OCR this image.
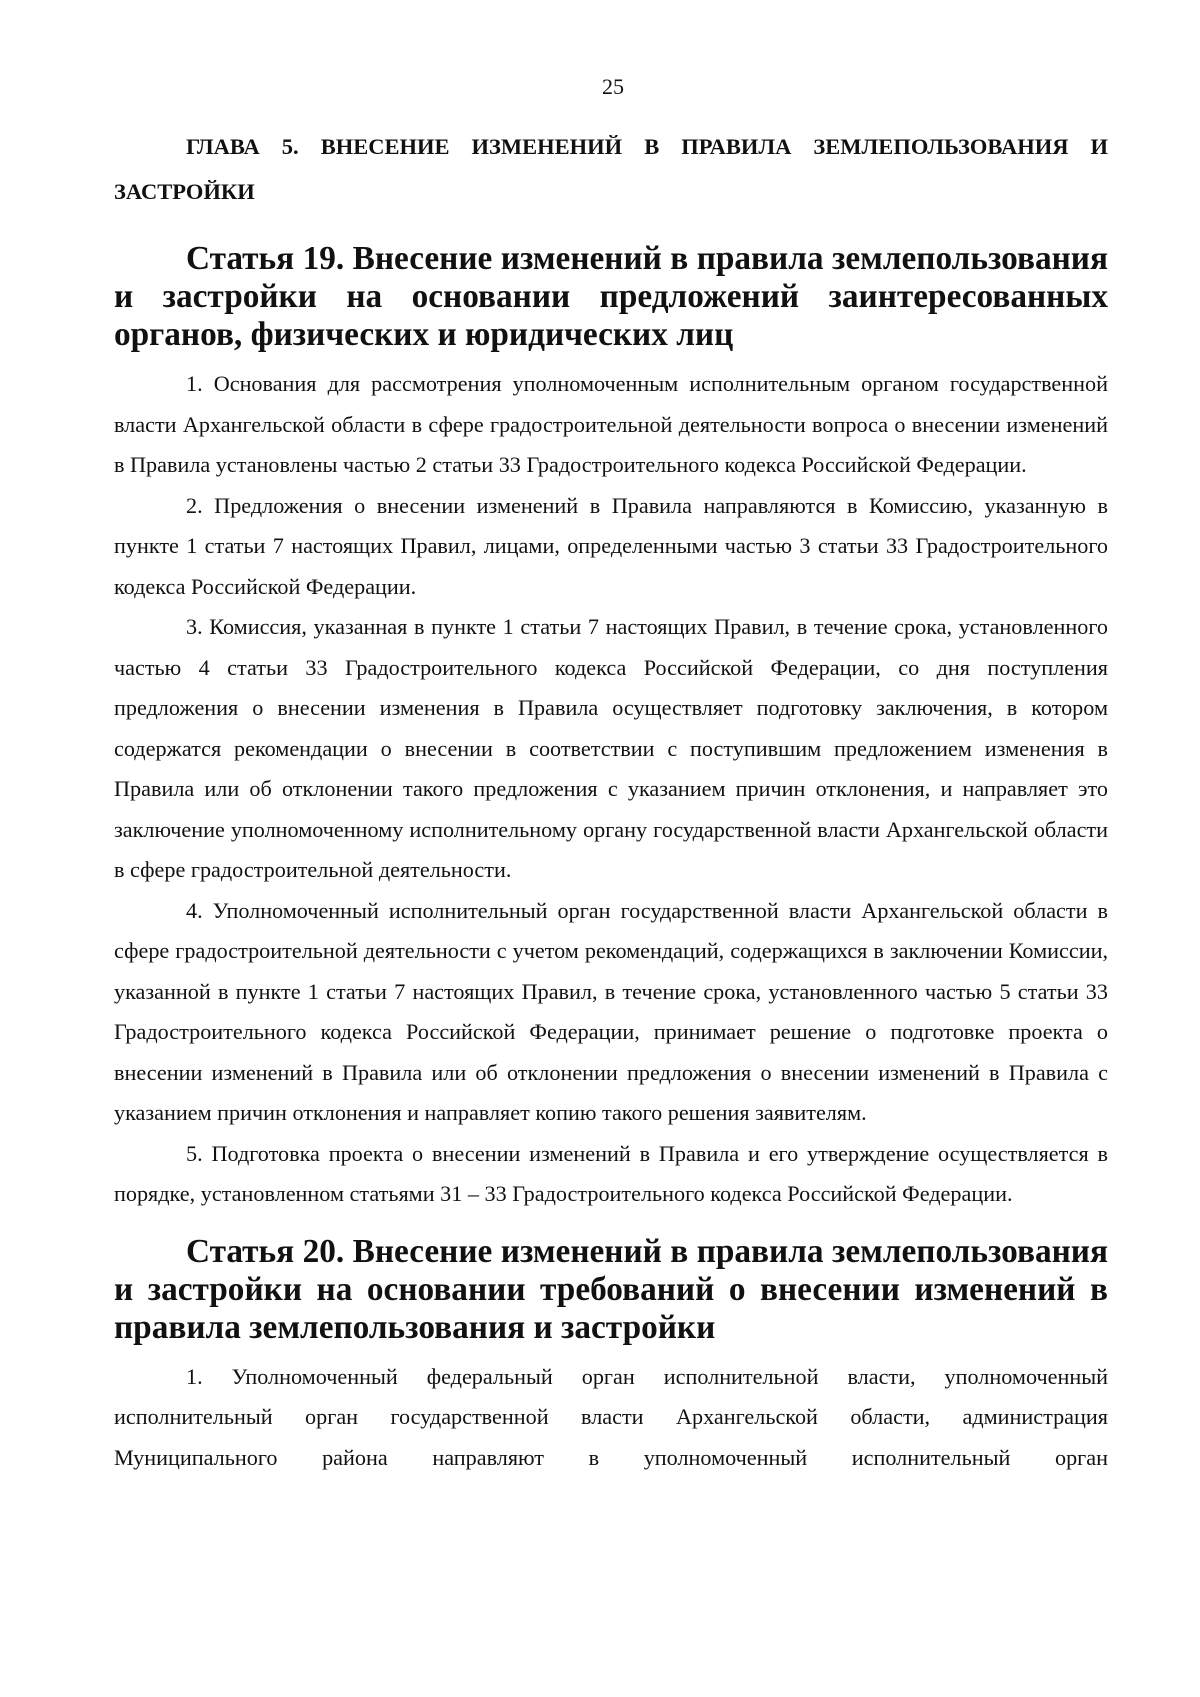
25
ГЛАВА 5. ВНЕСЕНИЕ ИЗМЕНЕНИЙ В ПРАВИЛА ЗЕМЛЕПОЛЬЗОВАНИЯ И ЗАСТРОЙКИ
Статья 19. Внесение изменений в правила землепользования и застройки на основании предложений заинтересованных органов, физических и юридических лиц

1. Основания для рассмотрения уполномоченным исполнительным органом государственной власти Архангельской области в сфере градостроительной деятельности вопроса о внесении изменений в Правила установлены частью 2 статьи 33 Градостроительного кодекса Российской Федерации.

2. Предложения о внесении изменений в Правила направляются в Комиссию, указанную в пункте 1 статьи 7 настоящих Правил, лицами, определенными частью 3 статьи 33 Градостроительного кодекса Российской Федерации.

3. Комиссия, указанная в пункте 1 статьи 7 настоящих Правил, в течение срока, установленного частью 4 статьи 33 Градостроительного кодекса Российской Федерации, со дня поступления предложения о внесении изменения в Правила осуществляет подготовку заключения, в котором содержатся рекомендации о внесении в соответствии с поступившим предложением изменения в Правила или об отклонении такого предложения с указанием причин отклонения, и направляет это заключение уполномоченному исполнительному органу государственной власти Архангельской области в сфере градостроительной деятельности.

4. Уполномоченный исполнительный орган государственной власти Архангельской области в сфере градостроительной деятельности с учетом рекомендаций, содержащихся в заключении Комиссии, указанной в пункте 1 статьи 7 настоящих Правил, в течение срока, установленного частью 5 статьи 33 Градостроительного кодекса Российской Федерации, принимает решение о подготовке проекта о внесении изменений в Правила или об отклонении предложения о внесении изменений в Правила с указанием причин отклонения и направляет копию такого решения заявителям.

5. Подготовка проекта о внесении изменений в Правила и его утверждение осуществляется в порядке, установленном статьями 31 – 33 Градостроительного кодекса Российской Федерации.

Статья 20. Внесение изменений в правила землепользования и застройки на основании требований о внесении изменений в правила землепользования и застройки

1. Уполномоченный федеральный орган исполнительной власти, уполномоченный исполнительный орган государственной власти Архангельской области, администрация Муниципального района направляют в уполномоченный исполнительный орган
